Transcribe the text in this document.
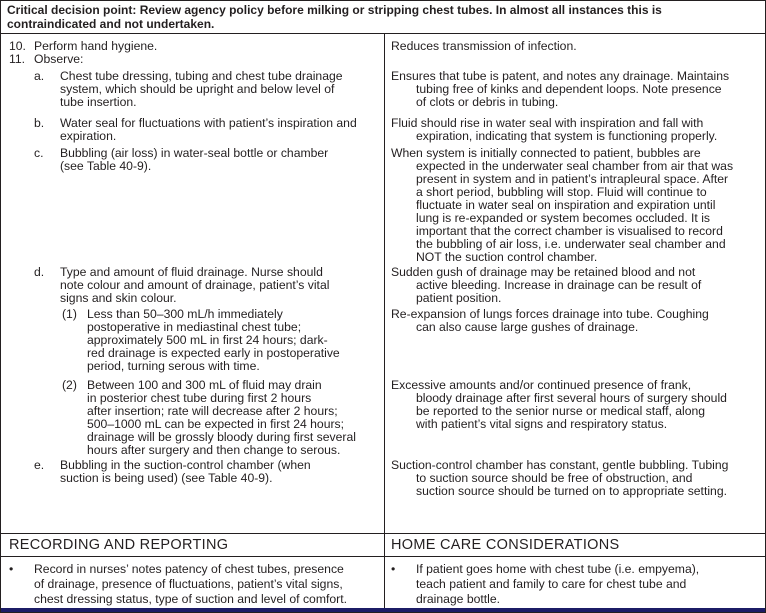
Critical decision point: Review agency policy before milking or stripping chest tubes. In almost all instances this is
contraindicated and not undertaken.
10. Perform hand hygiene.	Reduces transmission of infection.
11. Observe:
a. Chest tube dressing, tubing and chest tube drainage
system, which should be upright and below level of
tube insertion.
Ensures that tube is patent, and notes any drainage. Maintains
tubing free of kinks and dependent loops. Note presence
of clots or debris in tubing.
b. Water seal for fluctuations with patient’s inspiration and
expiration.
Fluid should rise in water seal with inspiration and fall with
expiration, indicating that system is functioning properly.
c. Bubbling (air loss) in water-seal bottle or chamber
(see Table 40-9).
When system is initially connected to patient, bubbles are
expected in the underwater seal chamber from air that was
present in system and in patient’s intrapleural space. After
a short period, bubbling will stop. Fluid will continue to
fluctuate in water seal on inspiration and expiration until
lung is re-expanded or system becomes occluded. It is
important that the correct chamber is visualised to record
the bubbling of air loss, i.e. underwater seal chamber and
NOT the suction control chamber.
d. Type and amount of fluid drainage. Nurse should
note colour and amount of drainage, patient’s vital
signs and skin colour.
Sudden gush of drainage may be retained blood and not
active bleeding. Increase in drainage can be result of
patient position.
(1) Less than 50–300 mL/h immediately
postoperative in mediastinal chest tube;
approximately 500 mL in first 24 hours; dark-
red drainage is expected early in postoperative
period, turning serous with time.
Re-expansion of lungs forces drainage into tube. Coughing
can also cause large gushes of drainage.
(2) Between 100 and 300 mL of fluid may drain
in posterior chest tube during first 2 hours
after insertion; rate will decrease after 2 hours;
500–1000 mL can be expected in first 24 hours;
drainage will be grossly bloody during first several
hours after surgery and then change to serous.
Excessive amounts and/or continued presence of frank,
bloody drainage after first several hours of surgery should
be reported to the senior nurse or medical staff, along
with patient’s vital signs and respiratory status.
e. Bubbling in the suction-control chamber (when
suction is being used) (see Table 40-9).
Suction-control chamber has constant, gentle bubbling. Tubing
to suction source should be free of obstruction, and
suction source should be turned on to appropriate setting.
RECORDING AND REPORTING	HOME CARE CONSIDERATIONS
• Record in nurses’ notes patency of chest tubes, presence
of drainage, presence of fluctuations, patient’s vital signs,
chest dressing status, type of suction and level of comfort.
• If patient goes home with chest tube (i.e. empyema),
teach patient and family to care for chest tube and
drainage bottle.
